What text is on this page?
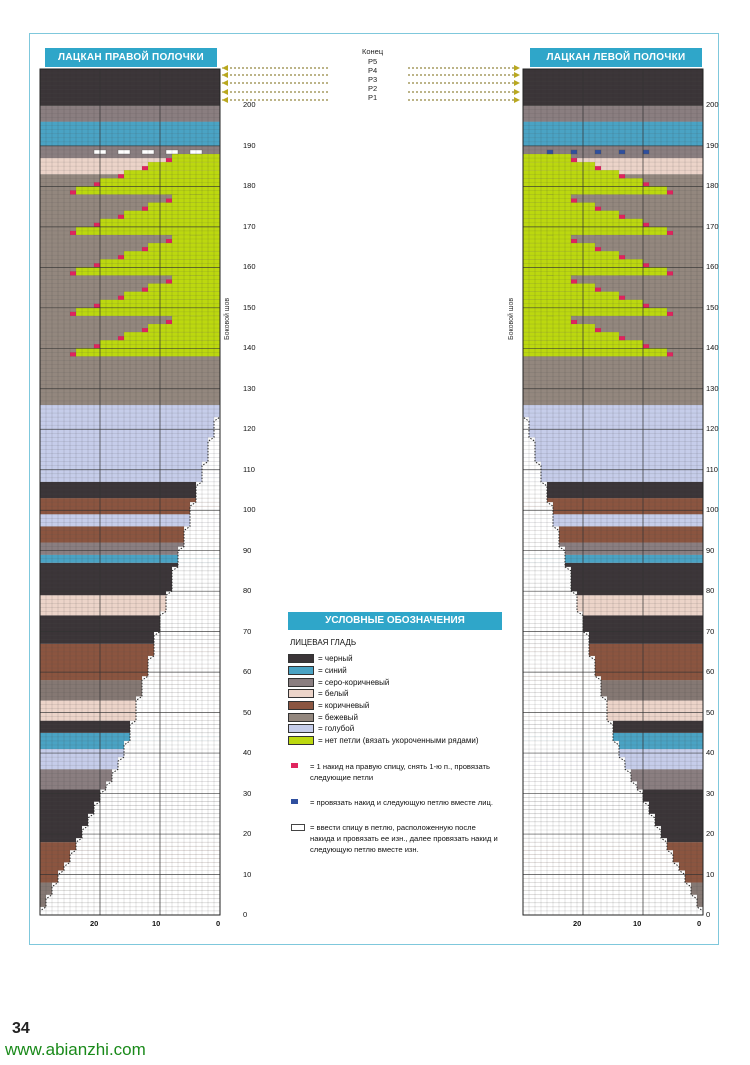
ЛАЦКАН ПРАВОЙ ПОЛОЧКИ	ЛАЦКАН ЛЕВОЙ ПОЛОЧКИ
Конец
P5
P4
P3
P2
P1
200
190
180
170
160
150
140
130
120
110
100
90
80
70
60
50
40
30
20
10
0
200
190
180
170
160
150
140
130
120
110
100
90
80
70
60
50
40
30
20
10
0
20	10	0	20	10	0
Боковой шов	Боковой шов
УСЛОВНЫЕ ОБОЗНАЧЕНИЯ
ЛИЦЕВАЯ ГЛАДЬ
= черный
= синий
= серо-коричневый
= белый
= коричневый
= бежевый
= голубой
= нет петли (вязать укороченными рядами)
= 1 накид на правую спицу, снять 1-ю п., провязать следующие петли
= провязать накид и следующую петлю вместе лиц.
= ввести спицу в петлю, расположенную после накида и провязать ее изн., далее провязать накид и следующую петлю вместе изн.
34
www.abianzhi.com
